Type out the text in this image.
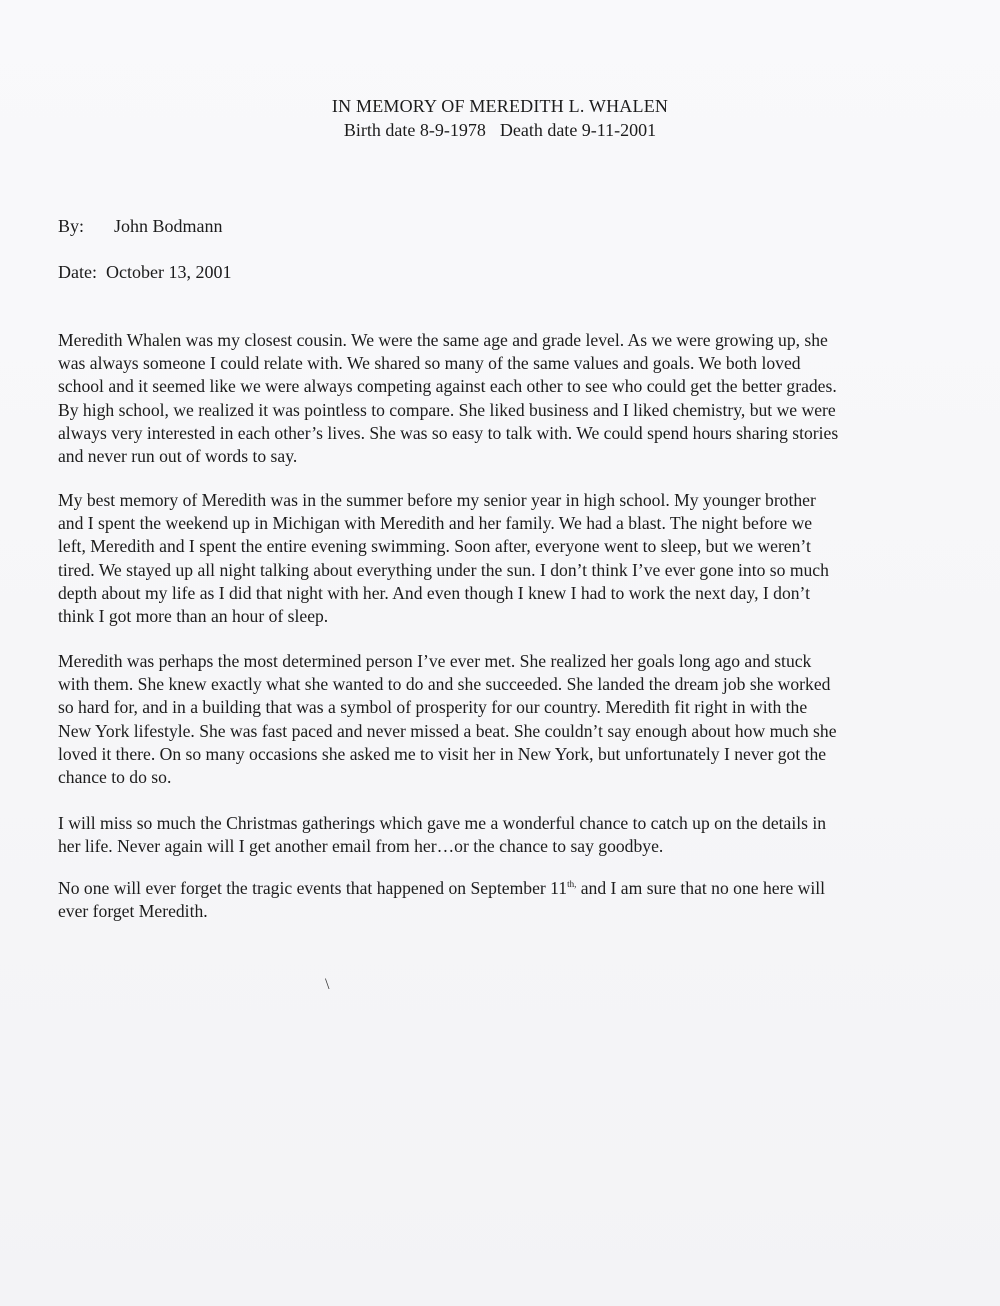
IN MEMORY OF MEREDITH L. WHALEN
Birth date 8-9-1978 Death date 9-11-2001
By: John Bodmann
Date:  October 13, 2001
Meredith Whalen was my closest cousin. We were the same age and grade level. As we were growing up, she
was always someone I could relate with. We shared so many of the same values and goals. We both loved
school and it seemed like we were always competing against each other to see who could get the better grades.
By high school, we realized it was pointless to compare. She liked business and I liked chemistry, but we were
always very interested in each other’s lives. She was so easy to talk with. We could spend hours sharing stories
and never run out of words to say.
My best memory of Meredith was in the summer before my senior year in high school. My younger brother
and I spent the weekend up in Michigan with Meredith and her family. We had a blast. The night before we
left, Meredith and I spent the entire evening swimming. Soon after, everyone went to sleep, but we weren’t
tired. We stayed up all night talking about everything under the sun. I don’t think I’ve ever gone into so much
depth about my life as I did that night with her. And even though I knew I had to work the next day, I don’t
think I got more than an hour of sleep.
Meredith was perhaps the most determined person I’ve ever met. She realized her goals long ago and stuck
with them. She knew exactly what she wanted to do and she succeeded. She landed the dream job she worked
so hard for, and in a building that was a symbol of prosperity for our country. Meredith fit right in with the
New York lifestyle. She was fast paced and never missed a beat. She couldn’t say enough about how much she
loved it there. On so many occasions she asked me to visit her in New York, but unfortunately I never got the
chance to do so.
I will miss so much the Christmas gatherings which gave me a wonderful chance to catch up on the details in
her life. Never again will I get another email from her…or the chance to say goodbye.
No one will ever forget the tragic events that happened on September $11^{th,}$ and I am sure that no one here will
ever forget Meredith.
\
